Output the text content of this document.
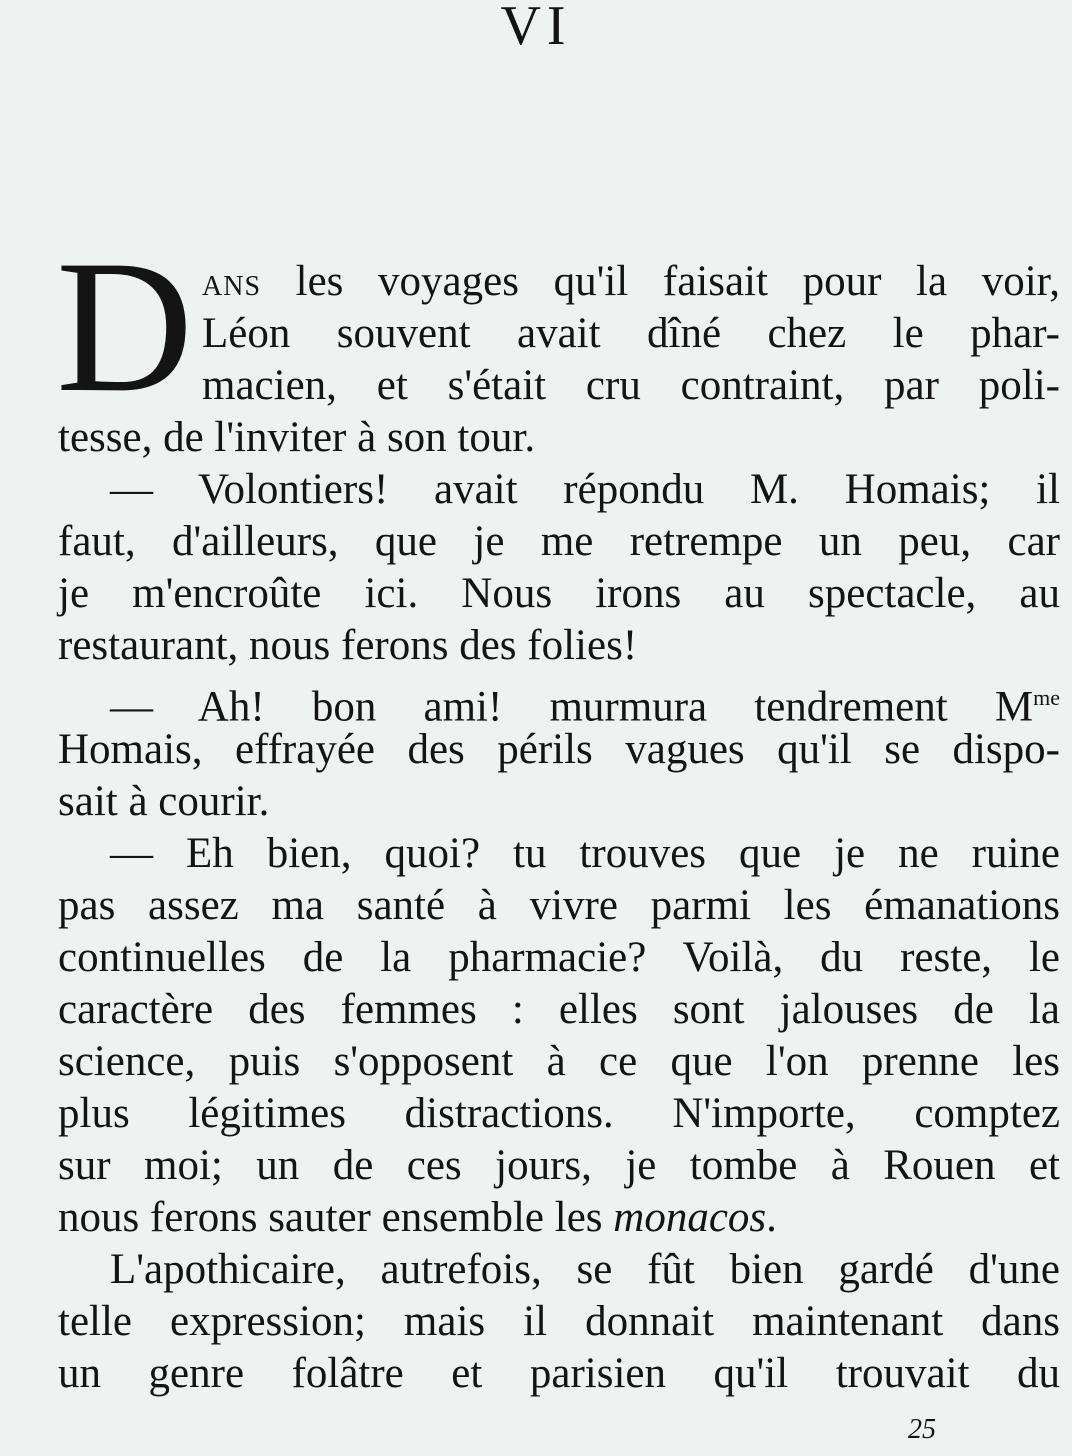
VI
D ANS les voyages qu'il faisait pour la voir,
Léon souvent avait dîné chez le phar-
macien, et s'était cru contraint, par poli-
tesse, de l'inviter à son tour.
— Volontiers! avait répondu M. Homais; il
faut, d'ailleurs, que je me retrempe un peu, car
je m'encroûte ici. Nous irons au spectacle, au
restaurant, nous ferons des folies!
— Ah! bon ami! murmura tendrement $M^{me}$
Homais, effrayée des périls vagues qu'il se dispo-
sait à courir.
— Eh bien, quoi? tu trouves que je ne ruine
pas assez ma santé à vivre parmi les émanations
continuelles de la pharmacie? Voilà, du reste, le
caractère des femmes : elles sont jalouses de la
science, puis s'opposent à ce que l'on prenne les
plus légitimes distractions. N'importe, comptez
sur moi; un de ces jours, je tombe à Rouen et
nous ferons sauter ensemble les monacos.
L'apothicaire, autrefois, se fût bien gardé d'une
telle expression; mais il donnait maintenant dans
un genre folâtre et parisien qu'il trouvait du
25
